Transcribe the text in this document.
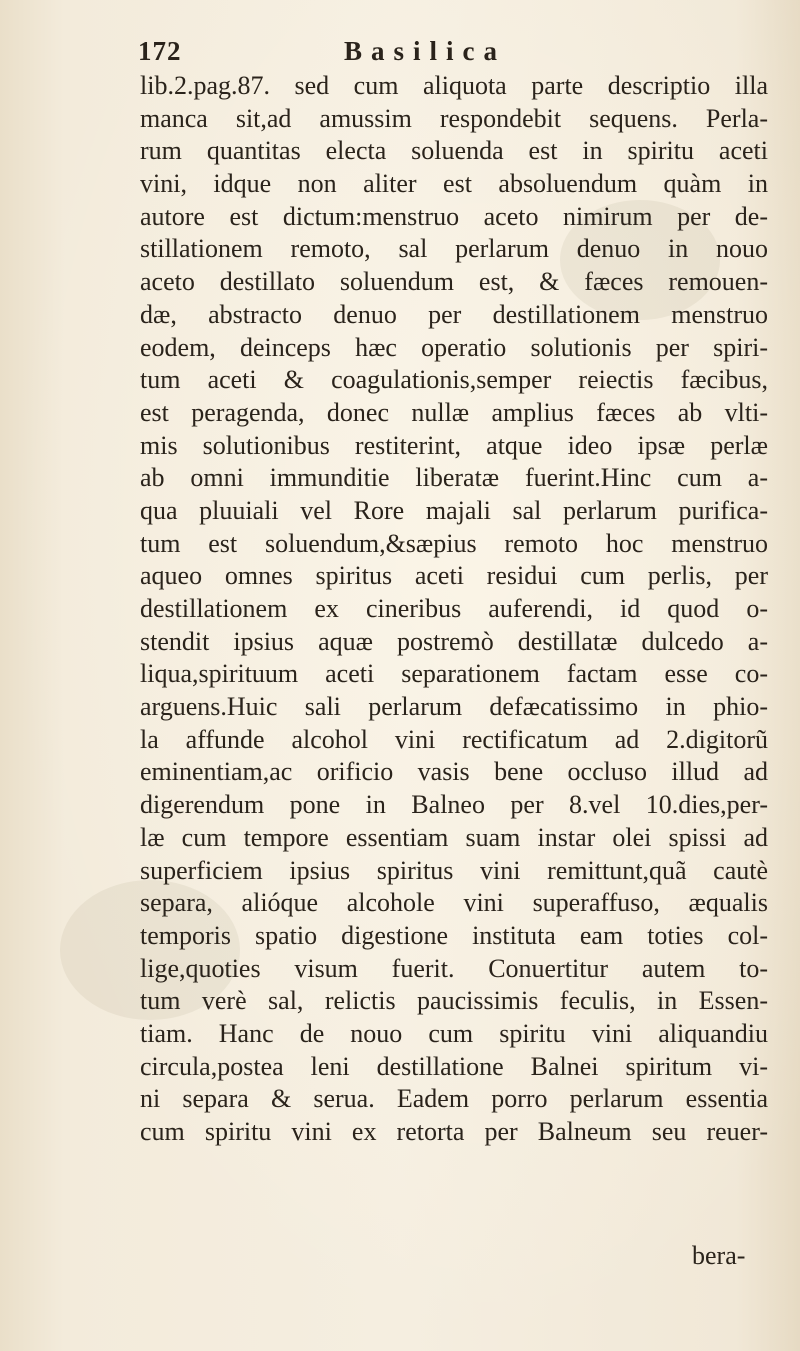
172	Basilica
lib.2.pag.87. sed cum aliquota parte descriptio illa
manca sit,ad amussim respondebit sequens. Perla-
rum quantitas electa soluenda est in spiritu aceti
vini, idque non aliter est absoluendum quàm in
autore est dictum:menstruo aceto nimirum per de-
stillationem remoto, sal perlarum denuo in nouo
aceto destillato soluendum est, & fæces remouen-
dæ, abstracto denuo per destillationem menstruo
eodem, deinceps hæc operatio solutionis per spiri-
tum aceti & coagulationis,semper reiectis fæcibus,
est peragenda, donec nullæ amplius fæces ab vlti-
mis solutionibus restiterint, atque ideo ipsæ perlæ
ab omni immunditie liberatæ fuerint.Hinc cum a-
qua pluuiali vel Rore majali sal perlarum purifica-
tum est soluendum,&sæpius remoto hoc menstruo
aqueo omnes spiritus aceti residui cum perlis, per
destillationem ex cineribus auferendi, id quod o-
stendit ipsius aquæ postremò destillatæ dulcedo a-
liqua,spirituum aceti separationem factam esse co-
arguens.Huic sali perlarum defæcatissimo in phio-
la affunde alcohol vini rectificatum ad 2.digitorũ
eminentiam,ac orificio vasis bene occluso illud ad
digerendum pone in Balneo per 8.vel 10.dies,per-
læ cum tempore essentiam suam instar olei spissi ad
superficiem ipsius spiritus vini remittunt,quã cautè
separa, alióque alcohole vini superaffuso, æqualis
temporis spatio digestione instituta eam toties col-
lige,quoties visum fuerit. Conuertitur autem to-
tum verè sal, relictis paucissimis feculis, in Essen-
tiam. Hanc de nouo cum spiritu vini aliquandiu
circula,postea leni destillatione Balnei spiritum vi-
ni separa & serua. Eadem porro perlarum essentia
cum spiritu vini ex retorta per Balneum seu reuer-
bera-
